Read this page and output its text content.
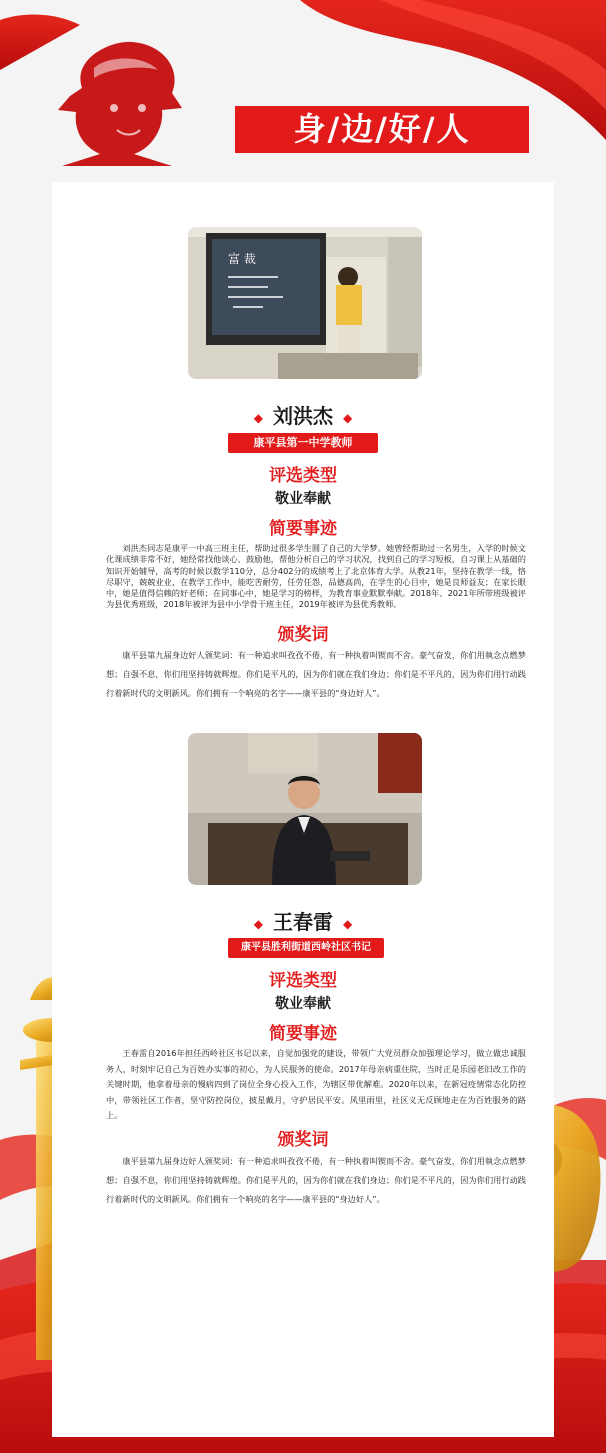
身/边/好/人
富 裁
◆ 刘洪杰 ◆
康平县第一中学教师
评选类型
敬业奉献
简要事迹
刘洪杰同志是康平一中高三班主任，帮助过很多学生圆了自己的大学梦。她曾经帮助过一名男生，入学的时候文化课成绩非常不好，她经常找他谈心、鼓励他，帮他分析自己的学习状况，找到自己的学习短板，自习课上从基础的知识开始辅导，高考的时候以数学110分，总分402分的成绩考上了北京体育大学。从教21年，坚持在教学一线，恪尽职守，兢兢业业，在教学工作中，能吃苦耐劳，任劳任怨，品德高尚，在学生的心目中，她是良师益友；在家长眼中，她是值得信赖的好老师；在同事心中，她是学习的榜样，为教育事业默默奉献。2018年、2021年所带班级被评为县优秀班级，2018年被评为县中小学骨干班主任，2019年被评为县优秀教师。
颁奖词
康平县第九届身边好人颁奖词：有一种追求叫孜孜不倦，有一种执着叫锲而不舍。豪气奋发，你们用執念点燃梦想；自强不息，你们用坚持铸就辉煌。你们是平凡的，因为你们就在我们身边；你们是不平凡的，因为你们用行动践行着新时代的文明新风。你们拥有一个响亮的名字——康平县的“身边好人”。
◆ 王春雷 ◆
康平县胜利街道西岭社区书记
评选类型
敬业奉献
简要事迹
王春雷自2016年担任西岭社区书记以来，自觉加强党的建设，带领广大党员群众加强理论学习，做立做忠诚服务人，时刻牢记自己为百姓办实事的初心，为人民服务的使命。2017年母亲病重住院，当时正是乐园老旧改工作的关键时期，他拿着母亲的慢病四到了岗位全身心投入工作，为辖区带优解难。2020年以来，在新冠疫情常态化防控中，带领社区工作者，坚守防控岗位，披星戴月，守护居民平安。风里雨里，社区义无反顾地走在为百姓服务的路上。
颁奖词
康平县第九届身边好人颁奖词：有一种追求叫孜孜不倦，有一种执着叫锲而不舍。豪气奋发，你们用執念点燃梦想；自强不息，你们用坚持铸就辉煌。你们是平凡的，因为你们就在我们身边；你们是不平凡的，因为你们用行动践行着新时代的文明新风。你们拥有一个响亮的名字——康平县的“身边好人”。
